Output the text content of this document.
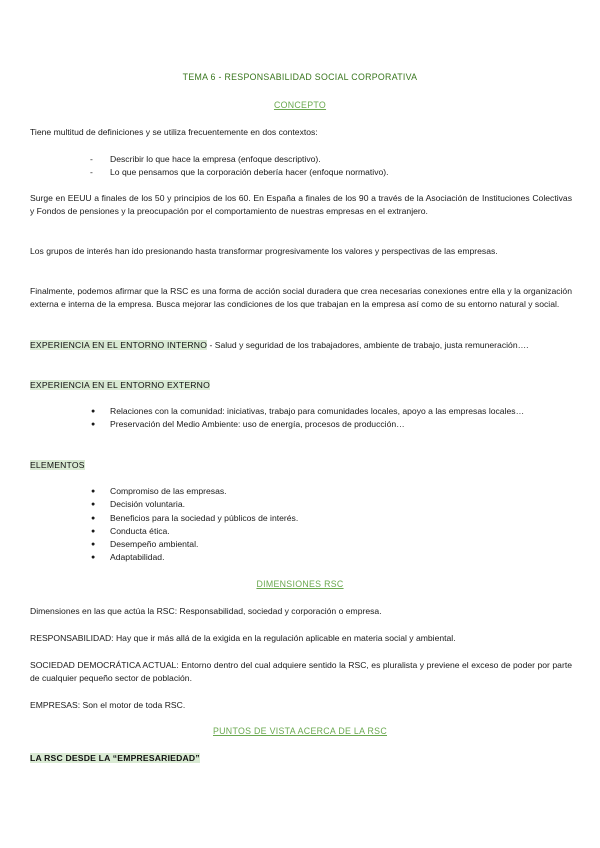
TEMA 6 - RESPONSABILIDAD SOCIAL CORPORATIVA
CONCEPTO

Tiene multitud de definiciones y se utiliza frecuentemente en dos contextos:

- Describir lo que hace la empresa (enfoque descriptivo).
- Lo que pensamos que la corporación debería hacer (enfoque normativo).

Surge en EEUU a finales de los 50 y principios de los 60. En España a finales de los 90 a través de la Asociación de Instituciones Colectivas y Fondos de pensiones y la preocupación por el comportamiento de nuestras empresas en el extranjero.

Los grupos de interés han ido presionando hasta transformar progresivamente los valores y perspectivas de las empresas.

Finalmente, podemos afirmar que la RSC es una forma de acción social duradera que crea necesarias conexiones entre ella y la organización externa e interna de la empresa. Busca mejorar las condiciones de los que trabajan en la empresa así como de su entorno natural y social.

EXPERIENCIA EN EL ENTORNO INTERNO - Salud y seguridad de los trabajadores, ambiente de trabajo, justa remuneración….

EXPERIENCIA EN EL ENTORNO EXTERNO

● Relaciones con la comunidad: iniciativas, trabajo para comunidades locales, apoyo a las empresas locales…
● Preservación del Medio Ambiente: uso de energía, procesos de producción…

ELEMENTOS

● Compromiso de las empresas.
● Decisión voluntaria.
● Beneficios para la sociedad y públicos de interés.
● Conducta ética.
● Desempeño ambiental.
● Adaptabilidad.
DIMENSIONES RSC

Dimensiones en las que actúa la RSC: Responsabilidad, sociedad y corporación o empresa.

RESPONSABILIDAD: Hay que ir más allá de la exigida en la regulación aplicable en materia social y ambiental.

SOCIEDAD DEMOCRÁTICA ACTUAL: Entorno dentro del cual adquiere sentido la RSC, es pluralista y previene el exceso de poder por parte de cualquier pequeño sector de población.

EMPRESAS: Son el motor de toda RSC.

PUNTOS DE VISTA ACERCA DE LA RSC

LA RSC DESDE LA “EMPRESARIEDAD”
